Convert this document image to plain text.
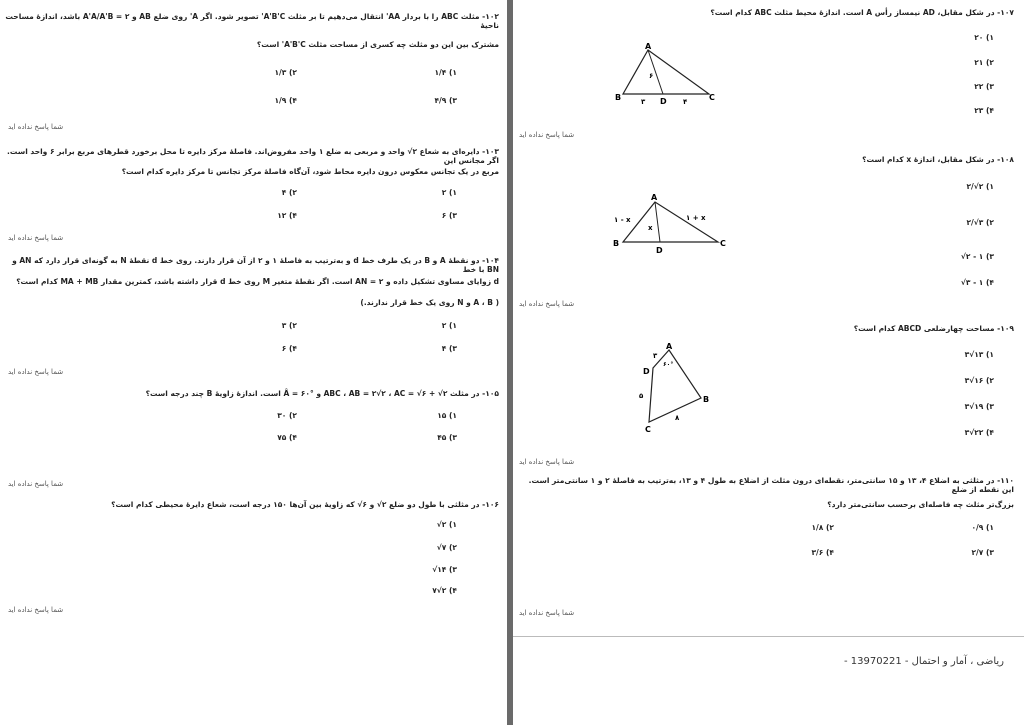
۱۰۲- مثلث ABC را با بردار AA' انتقال می‌دهیم تا بر مثلث A'B'C' تصویر شود. اگر A' روی ضلع AB و A'A/A'B = ۲ باشد، اندازهٔ مساحت ناحیهٔ
مشترک بین این دو مثلث چه کسری از مساحت مثلث A'B'C' است؟
۱) ۱/۴
۲) ۱/۳
۳) ۴/۹
۴) ۱/۹
شما پاسخ نداده اید
۱۰۳- دایره‌ای به شعاع ۲√ واحد و مربعی به ضلع ۱ واحد مفروض‌اند. فاصلهٔ مرکز دایره تا محل برخورد قطرهای مربع برابر ۶ واحد است. اگر مجانس این
مربع در یک تجانس معکوس درون دایره محاط شود، آن‌گاه فاصلهٔ مرکز تجانس تا مرکز دایره کدام است؟
۱) ۲
۲) ۴
۳) ۶
۴) ۱۲
شما پاسخ نداده اید
۱۰۴- دو نقطهٔ A و B در یک طرف خط d و به‌ترتیب به فاصلهٔ ۱ و ۲ از آن قرار دارند. روی خط d نقطهٔ N به گونه‌ای قرار دارد که AN و BN با خط
d زوایای مساوی تشکیل داده و AN = ۲ است. اگر نقطهٔ متغیر M روی خط d قرار داشته باشد، کمترین مقدار MA + MB کدام است؟
( A ، B و N روی یک خط قرار ندارند.)
۱) ۲
۲) ۳
۳) ۴
۴) ۶
شما پاسخ نداده اید
۱۰۵- در مثلث ABC ، AB = ۲√۲ ، AC = √۶ + √۲ و Â = ۶۰° است. اندازهٔ زاویهٔ B چند درجه است؟
۱) ۱۵
۲) ۳۰
۳) ۴۵
۴) ۷۵
شما پاسخ نداده اید
۱۰۶- در مثلثی با طول دو ضلع ۲√ و ۶√ که زاویهٔ بین آن‌ها ۱۵۰ درجه است، شعاع دایرهٔ محیطی کدام است؟
۱) ۲√
۲) ۷√
۳) ۱۴√
۴) ۲√۷
شما پاسخ نداده اید
۱۰۷- در شکل مقابل، AD نیمساز رأس A است. اندازهٔ محیط مثلث ABC کدام است؟
۱) ۲۰
۲) ۲۱
۳) ۲۲
۴) ۲۳
A
B	C
D
۶
۳	۴
شما پاسخ نداده اید
۱۰۸- در شکل مقابل، اندازهٔ x کدام است؟
۱) ۲√/۲
۲) ۳√/۲
۳) ۱ - ۲√
۴) ۱ - ۳√
A
B	C
D
۱ - x	۱ + x
x
شما پاسخ نداده اید
۱۰۹- مساحت چهارضلعی ABCD کدام است؟
۱) ۱۳√۳
۲) ۱۶√۳
۳) ۱۹√۳
۴) ۲۲√۳
A
D
C
B
۳
۶۰°
۵
۸
شما پاسخ نداده اید
۱۱۰- در مثلثی به اضلاع ۴، ۱۳ و ۱۵ سانتی‌متر، نقطه‌ای درون مثلث از اضلاع به طول ۴ و ۱۳، به‌ترتیب به فاصلهٔ ۲ و ۱ سانتی‌متر است. این نقطه از ضلع
بزرگ‌تر مثلث چه فاصله‌ای برحسب سانتی‌متر دارد؟
۱) ۰/۹
۲) ۱/۸
۳) ۲/۷
۴) ۳/۶
شما پاسخ نداده اید
ریاضی ، آمار و احتمال - 13970221 -
